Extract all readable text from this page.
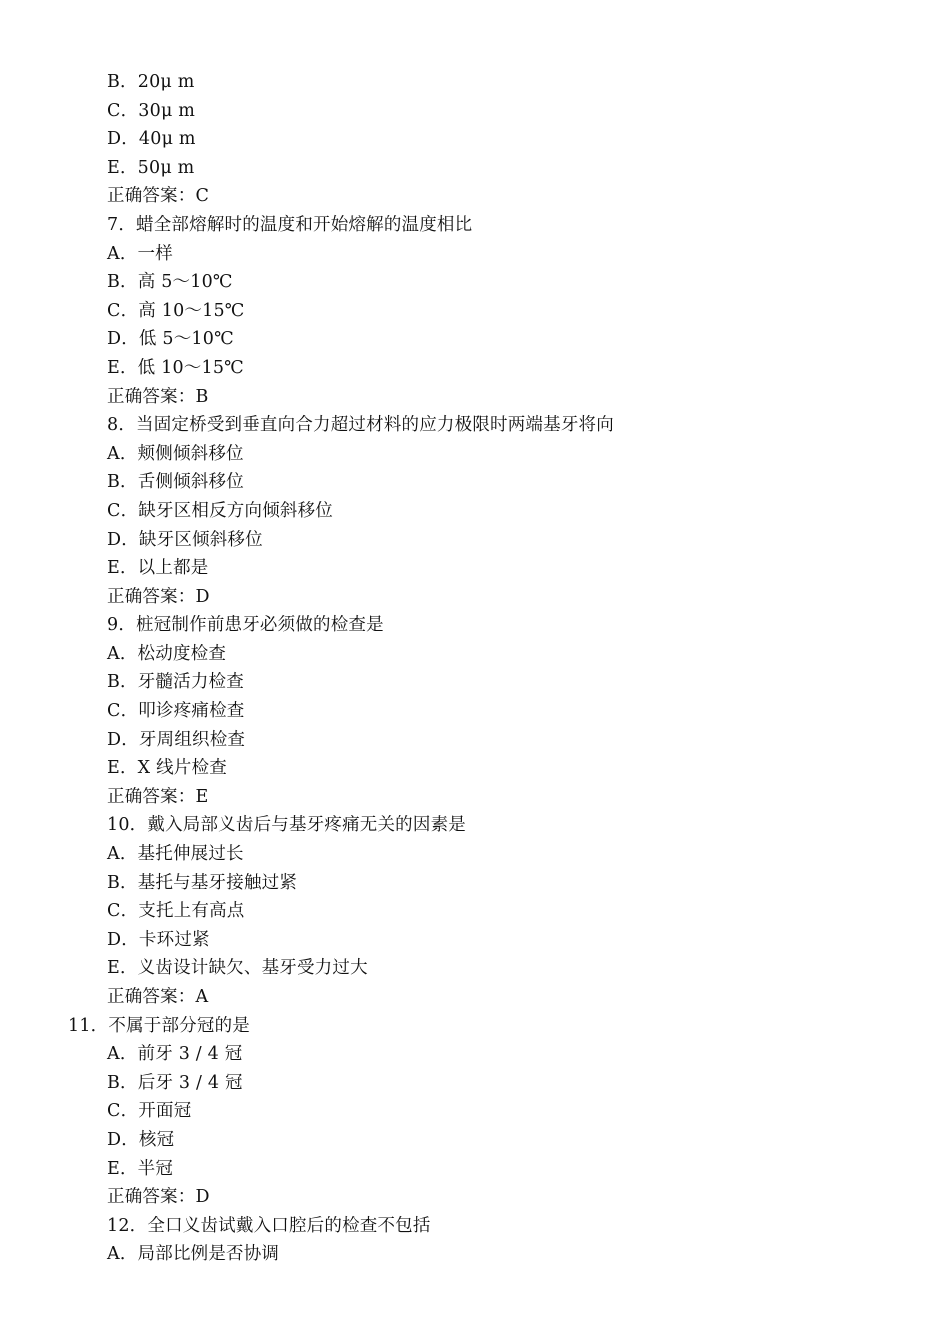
B．20μ m
C．30μ m
D．40μ m
E．50μ m
正确答案：C
7．蜡全部熔解时的温度和开始熔解的温度相比
A．一样
B．高 5～10℃
C．高 10～15℃
D．低 5～10℃
E．低 10～15℃
正确答案：B
8．当固定桥受到垂直向合力超过材料的应力极限时两端基牙将向
A．颊侧倾斜移位
B．舌侧倾斜移位
C．缺牙区相反方向倾斜移位
D．缺牙区倾斜移位
E．以上都是
正确答案：D
9．桩冠制作前患牙必须做的检查是
A．松动度检查
B．牙髓活力检查
C．叩诊疼痛检查
D．牙周组织检查
E．X 线片检查
正确答案：E
10．戴入局部义齿后与基牙疼痛无关的因素是
A．基托伸展过长
B．基托与基牙接触过紧
C．支托上有高点
D．卡环过紧
E．义齿设计缺欠、基牙受力过大
正确答案：A
11．不属于部分冠的是
A．前牙 3 / 4 冠
B．后牙 3 / 4 冠
C．开面冠
D．核冠
E．半冠
正确答案：D
12．全口义齿试戴入口腔后的检查不包括
A．局部比例是否协调
